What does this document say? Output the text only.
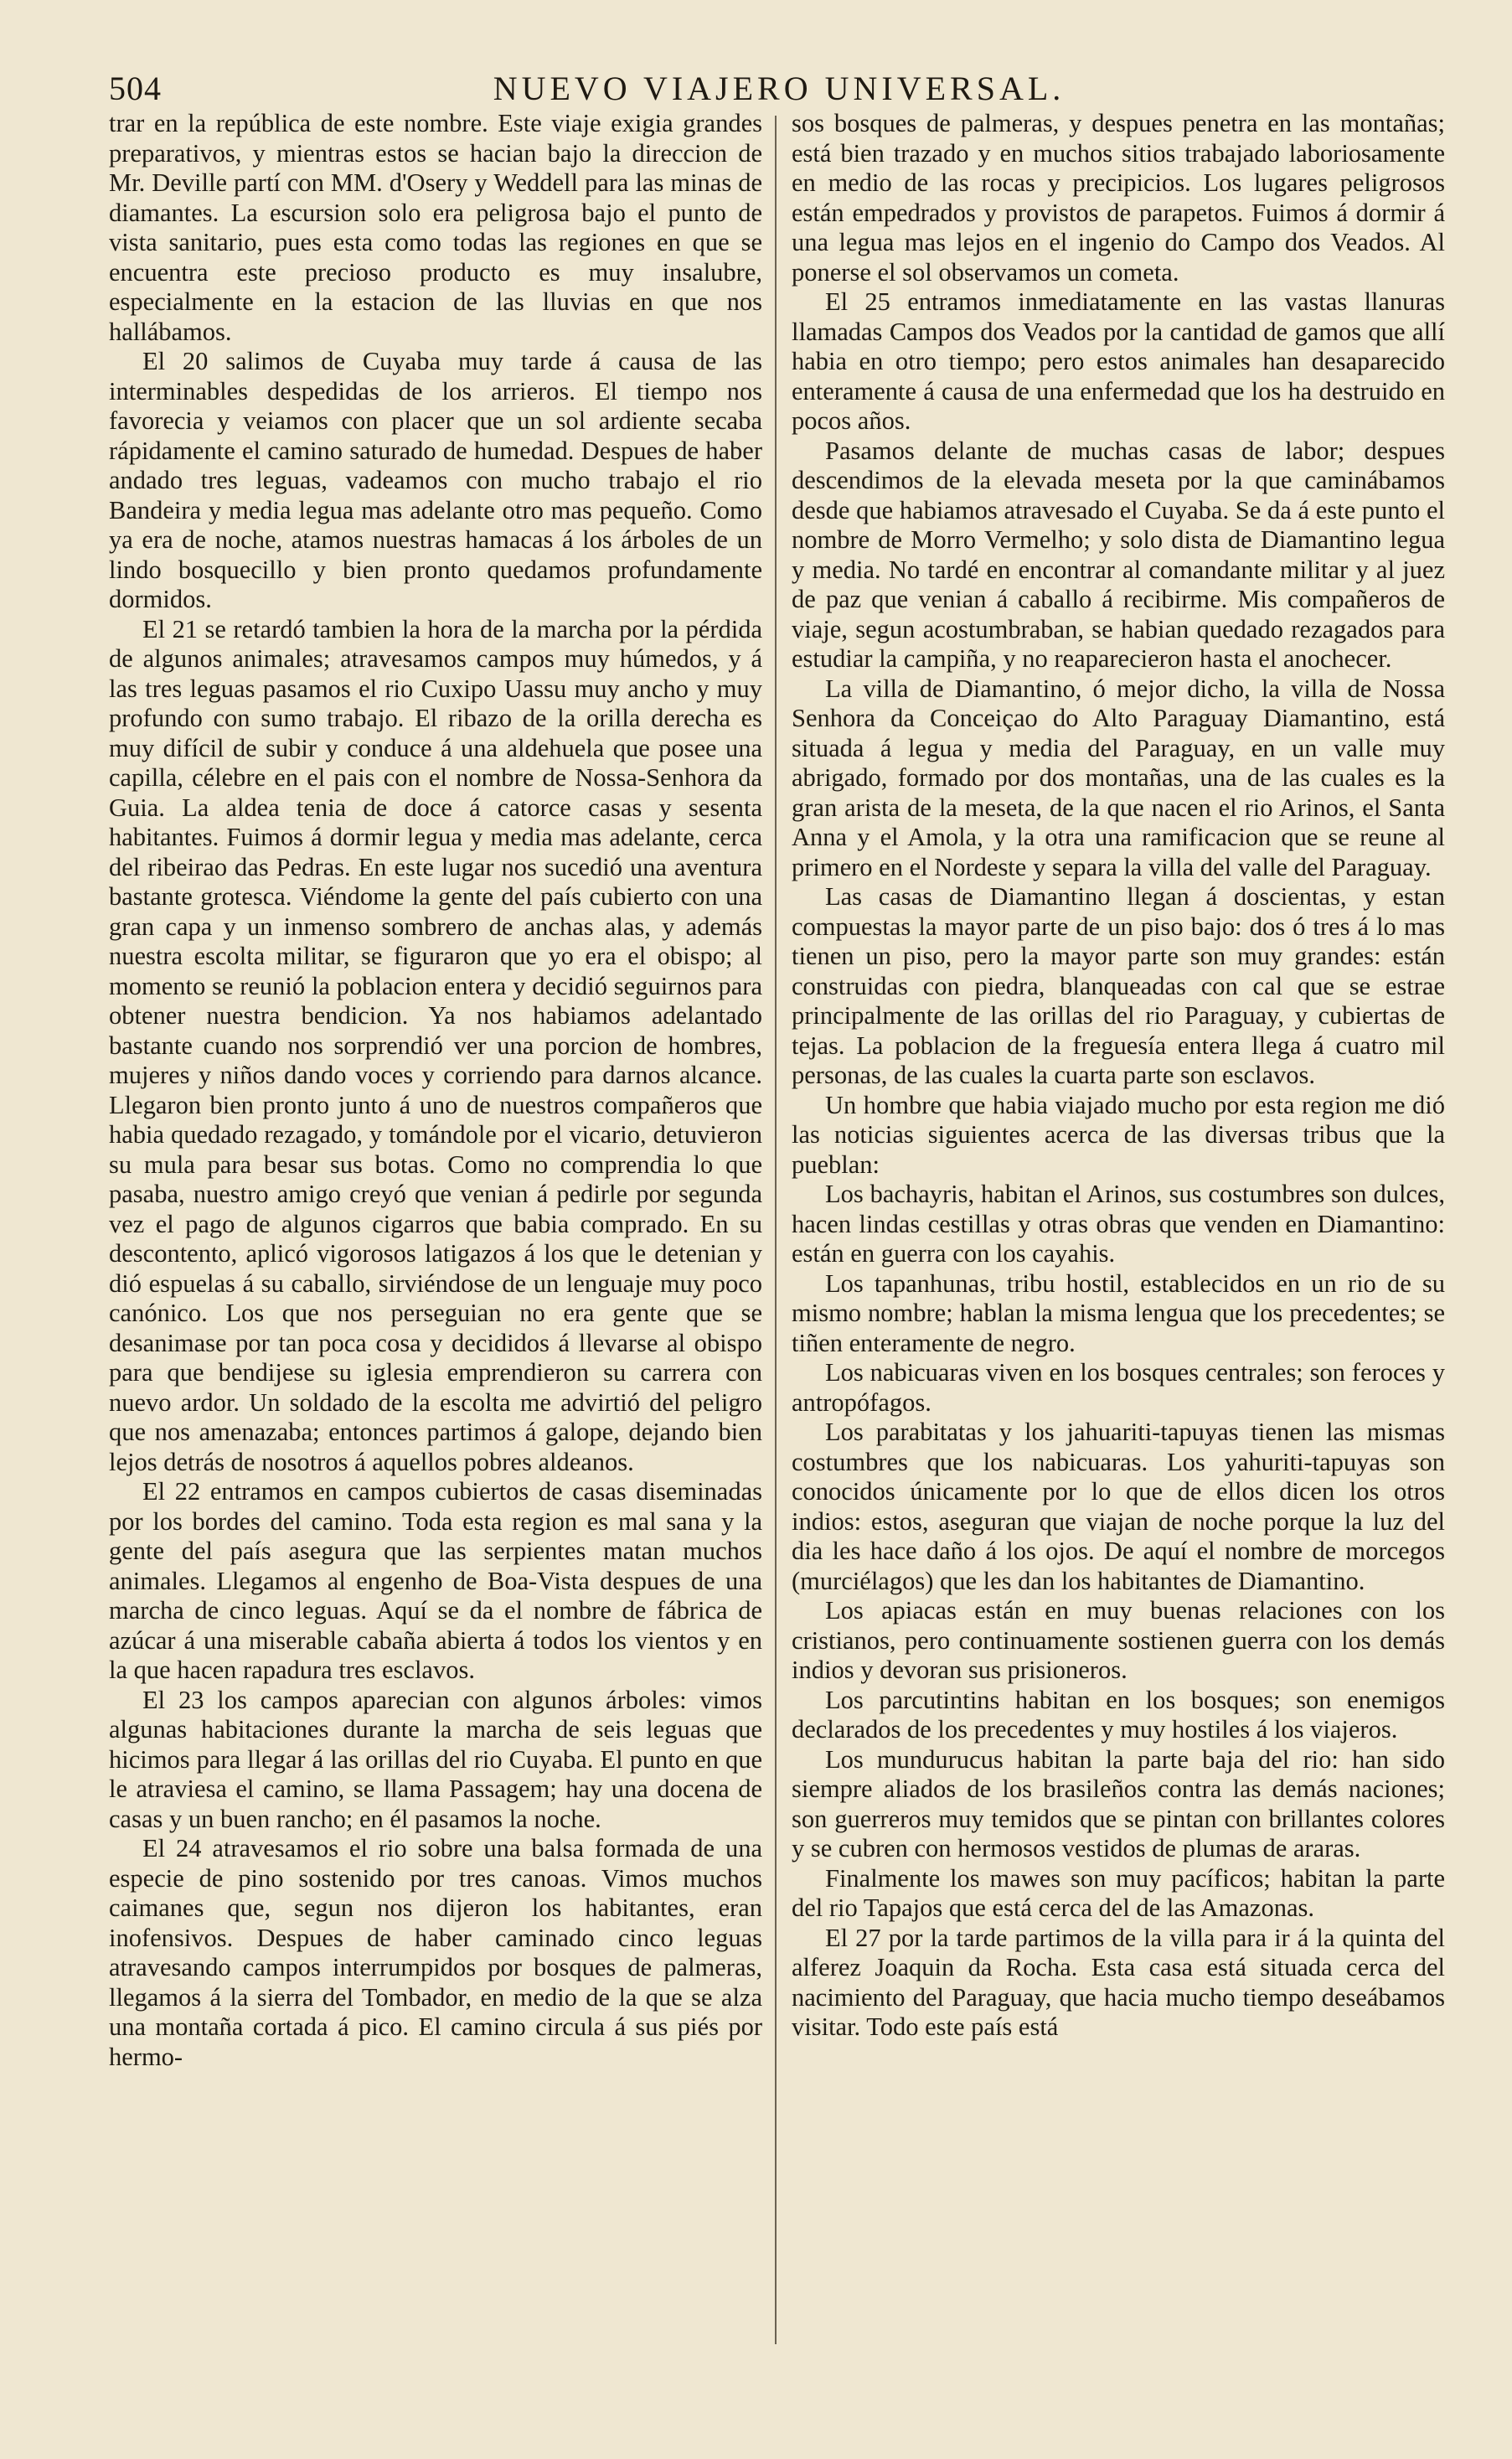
504	NUEVO VIAJERO UNIVERSAL.

trar en la república de este nombre. Este viaje exigia grandes preparativos, y mientras estos se hacian bajo la direccion de Mr. Deville partí con MM. d'Osery y Weddell para las minas de diamantes. La escursion solo era peligrosa bajo el punto de vista sanitario, pues esta como todas las regiones en que se encuentra este precioso producto es muy insalubre, especialmente en la estacion de las lluvias en que nos hallábamos.

El 20 salimos de Cuyaba muy tarde á causa de las interminables despedidas de los arrieros. El tiempo nos favorecia y veiamos con placer que un sol ardiente secaba rápidamente el camino saturado de humedad. Despues de haber andado tres leguas, vadeamos con mucho trabajo el rio Bandeira y media legua mas adelante otro mas pequeño. Como ya era de noche, atamos nuestras hamacas á los árboles de un lindo bosquecillo y bien pronto quedamos profundamente dormidos.

El 21 se retardó tambien la hora de la marcha por la pérdida de algunos animales; atravesamos campos muy húmedos, y á las tres leguas pasamos el rio Cuxipo Uassu muy ancho y muy profundo con sumo trabajo. El ribazo de la orilla derecha es muy difícil de subir y conduce á una aldehuela que posee una capilla, célebre en el pais con el nombre de Nossa-Senhora da Guia. La aldea tenia de doce á catorce casas y sesenta habitantes. Fuimos á dormir legua y media mas adelante, cerca del ribeirao das Pedras. En este lugar nos sucedió una aventura bastante grotesca. Viéndome la gente del país cubierto con una gran capa y un inmenso sombrero de anchas alas, y además nuestra escolta militar, se figuraron que yo era el obispo; al momento se reunió la poblacion entera y decidió seguirnos para obtener nuestra bendicion. Ya nos habiamos adelantado bastante cuando nos sorprendió ver una porcion de hombres, mujeres y niños dando voces y corriendo para darnos alcance. Llegaron bien pronto junto á uno de nuestros compañeros que habia quedado rezagado, y tomándole por el vicario, detuvieron su mula para besar sus botas. Como no comprendia lo que pasaba, nuestro amigo creyó que venian á pedirle por segunda vez el pago de algunos cigarros que babia comprado. En su descontento, aplicó vigorosos latigazos á los que le detenian y dió espuelas á su caballo, sirviéndose de un lenguaje muy poco canónico. Los que nos perseguian no era gente que se desanimase por tan poca cosa y decididos á llevarse al obispo para que bendijese su iglesia emprendieron su carrera con nuevo ardor. Un soldado de la escolta me advirtió del peligro que nos amenazaba; entonces partimos á galope, dejando bien lejos detrás de nosotros á aquellos pobres aldeanos.

El 22 entramos en campos cubiertos de casas diseminadas por los bordes del camino. Toda esta region es mal sana y la gente del país asegura que las serpientes matan muchos animales. Llegamos al engenho de Boa-Vista despues de una marcha de cinco leguas. Aquí se da el nombre de fábrica de azúcar á una miserable cabaña abierta á todos los vientos y en la que hacen rapadura tres esclavos.

El 23 los campos aparecian con algunos árboles: vimos algunas habitaciones durante la marcha de seis leguas que hicimos para llegar á las orillas del rio Cuyaba. El punto en que le atraviesa el camino, se llama Passagem; hay una docena de casas y un buen rancho; en él pasamos la noche.

El 24 atravesamos el rio sobre una balsa formada de una especie de pino sostenido por tres canoas. Vimos muchos caimanes que, segun nos dijeron los habitantes, eran inofensivos. Despues de haber caminado cinco leguas atravesando campos interrumpidos por bosques de palmeras, llegamos á la sierra del Tombador, en medio de la que se alza una montaña cortada á pico. El camino circula á sus piés por hermo-

sos bosques de palmeras, y despues penetra en las montañas; está bien trazado y en muchos sitios trabajado laboriosamente en medio de las rocas y precipicios. Los lugares peligrosos están empedrados y provistos de parapetos. Fuimos á dormir á una legua mas lejos en el ingenio do Campo dos Veados. Al ponerse el sol observamos un cometa.

El 25 entramos inmediatamente en las vastas llanuras llamadas Campos dos Veados por la cantidad de gamos que allí habia en otro tiempo; pero estos animales han desaparecido enteramente á causa de una enfermedad que los ha destruido en pocos años.

Pasamos delante de muchas casas de labor; despues descendimos de la elevada meseta por la que caminábamos desde que habiamos atravesado el Cuyaba. Se da á este punto el nombre de Morro Vermelho; y solo dista de Diamantino legua y media. No tardé en encontrar al comandante militar y al juez de paz que venian á caballo á recibirme. Mis compañeros de viaje, segun acostumbraban, se habian quedado rezagados para estudiar la campiña, y no reaparecieron hasta el anochecer.

La villa de Diamantino, ó mejor dicho, la villa de Nossa Senhora da Conceiçao do Alto Paraguay Diamantino, está situada á legua y media del Paraguay, en un valle muy abrigado, formado por dos montañas, una de las cuales es la gran arista de la meseta, de la que nacen el rio Arinos, el Santa Anna y el Amola, y la otra una ramificacion que se reune al primero en el Nordeste y separa la villa del valle del Paraguay.

Las casas de Diamantino llegan á doscientas, y estan compuestas la mayor parte de un piso bajo: dos ó tres á lo mas tienen un piso, pero la mayor parte son muy grandes: están construidas con piedra, blanqueadas con cal que se estrae principalmente de las orillas del rio Paraguay, y cubiertas de tejas. La poblacion de la freguesía entera llega á cuatro mil personas, de las cuales la cuarta parte son esclavos.

Un hombre que habia viajado mucho por esta region me dió las noticias siguientes acerca de las diversas tribus que la pueblan:

Los bachayris, habitan el Arinos, sus costumbres son dulces, hacen lindas cestillas y otras obras que venden en Diamantino: están en guerra con los cayahis.

Los tapanhunas, tribu hostil, establecidos en un rio de su mismo nombre; hablan la misma lengua que los precedentes; se tiñen enteramente de negro.

Los nabicuaras viven en los bosques centrales; son feroces y antropófagos.

Los parabitatas y los jahuariti-tapuyas tienen las mismas costumbres que los nabicuaras. Los yahuriti-tapuyas son conocidos únicamente por lo que de ellos dicen los otros indios: estos, aseguran que viajan de noche porque la luz del dia les hace daño á los ojos. De aquí el nombre de morcegos (murciélagos) que les dan los habitantes de Diamantino.

Los apiacas están en muy buenas relaciones con los cristianos, pero continuamente sostienen guerra con los demás indios y devoran sus prisioneros.

Los parcutintins habitan en los bosques; son enemigos declarados de los precedentes y muy hostiles á los viajeros.

Los mundurucus habitan la parte baja del rio: han sido siempre aliados de los brasileños contra las demás naciones; son guerreros muy temidos que se pintan con brillantes colores y se cubren con hermosos vestidos de plumas de araras.

Finalmente los mawes son muy pacíficos; habitan la parte del rio Tapajos que está cerca del de las Amazonas.

El 27 por la tarde partimos de la villa para ir á la quinta del alferez Joaquin da Rocha. Esta casa está situada cerca del nacimiento del Paraguay, que hacia mucho tiempo deseábamos visitar. Todo este país está
